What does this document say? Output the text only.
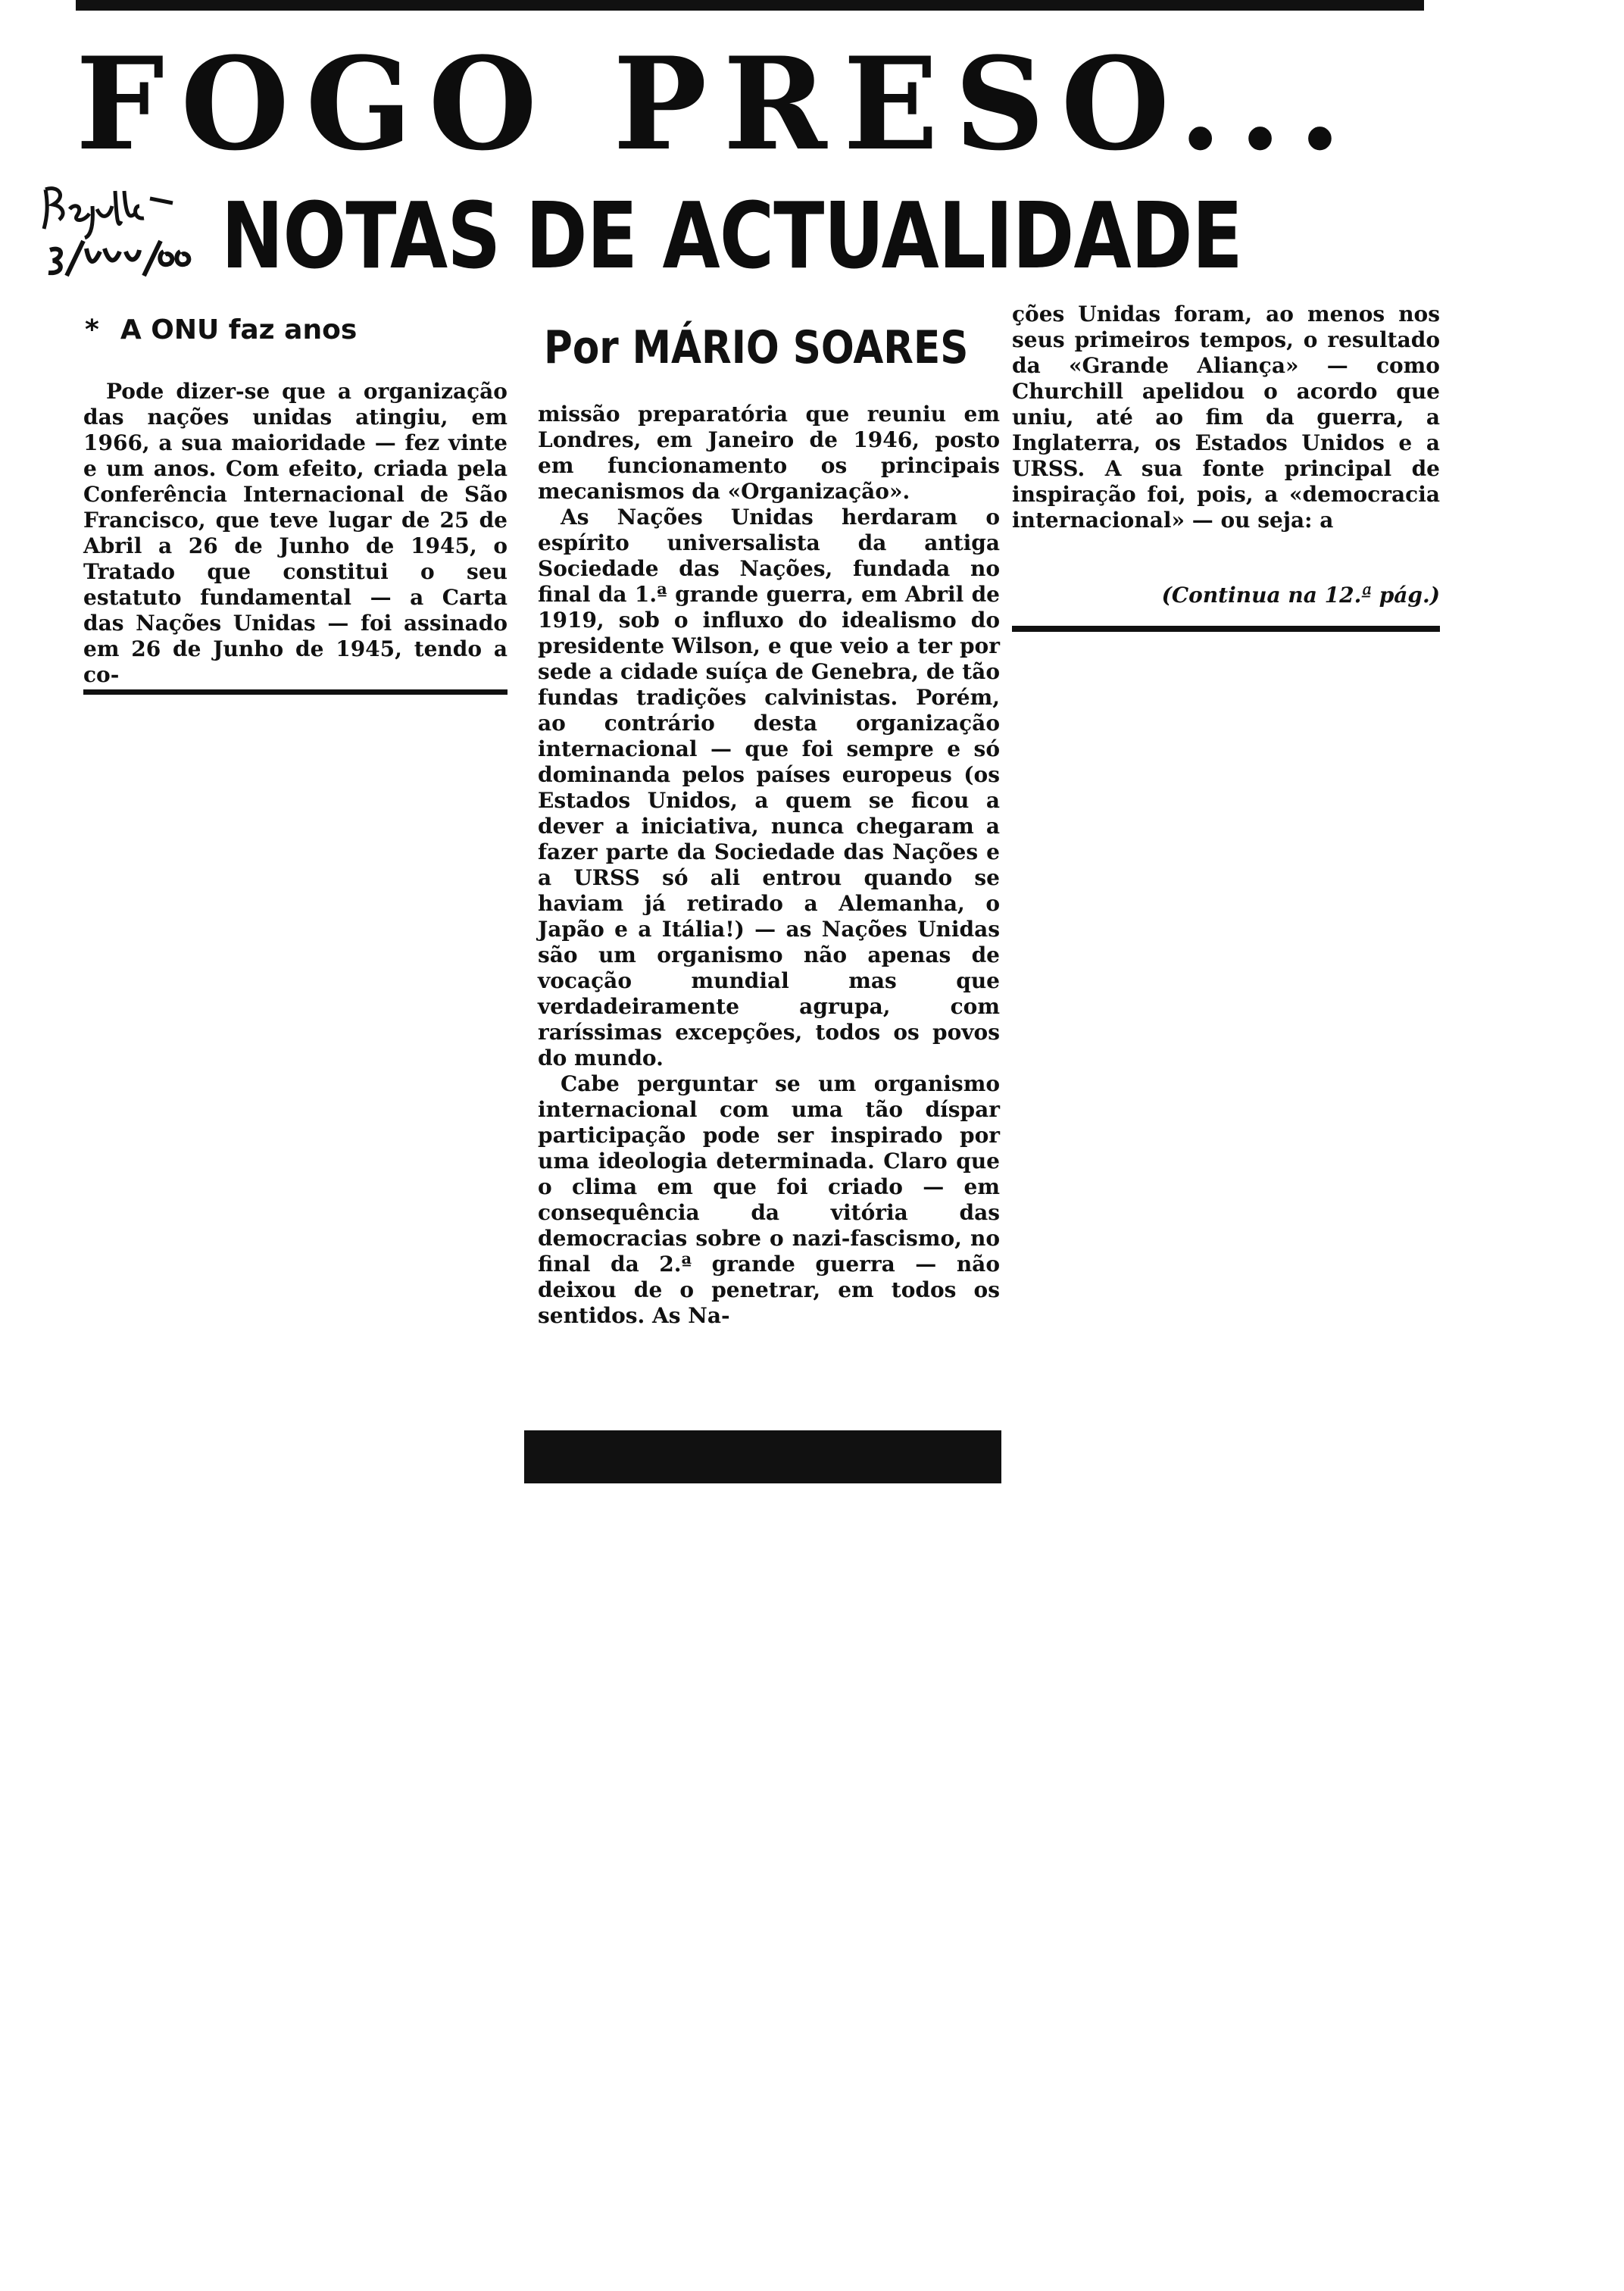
FOGO PRESO...
NOTAS DE ACTUALIDADE
* A ONU faz anos

Pode dizer-se que a organização das nações unidas atingiu, em 1966, a sua maioridade — fez vinte e um anos. Com efeito, criada pela Conferência Internacional de São Francisco, que teve lugar de 25 de Abril a 26 de Junho de 1945, o Tratado que constitui o seu estatuto fundamental — a Carta das Nações Unidas — foi assinado em 26 de Junho de 1945, tendo a co-

Por MÁRIO SOARES

missão preparatória que reuniu em Londres, em Janeiro de 1946, posto em funcionamento os principais mecanismos da «Organização».

As Nações Unidas herdaram o espírito universalista da antiga Sociedade das Nações, fundada no final da 1.ª grande guerra, em Abril de 1919, sob o influxo do idealismo do presidente Wilson, e que veio a ter por sede a cidade suíça de Genebra, de tão fundas tradições calvinistas. Porém, ao contrário desta organização internacional — que foi sempre e só dominanda pelos países europeus (os Estados Unidos, a quem se ficou a dever a iniciativa, nunca chegaram a fazer parte da Sociedade das Nações e a URSS só ali entrou quando se haviam já retirado a Alemanha, o Japão e a Itália!) — as Nações Unidas são um organismo não apenas de vocação mundial mas que verdadeiramente agrupa, com raríssimas excepções, todos os povos do mundo.

Cabe perguntar se um organismo internacional com uma tão díspar participação pode ser inspirado por uma ideologia determinada. Claro que o clima em que foi criado — em consequência da vitória das democracias sobre o nazi-fascismo, no final da 2.ª grande guerra — não deixou de o penetrar, em todos os sentidos. As Na-

ções Unidas foram, ao menos nos seus primeiros tempos, o resultado da «Grande Aliança» — como Churchill apelidou o acordo que uniu, até ao fim da guerra, a Inglaterra, os Estados Unidos e a URSS. A sua fonte principal de inspiração foi, pois, a «democracia internacional» — ou seja: a

(Continua na 12.ª pág.)
